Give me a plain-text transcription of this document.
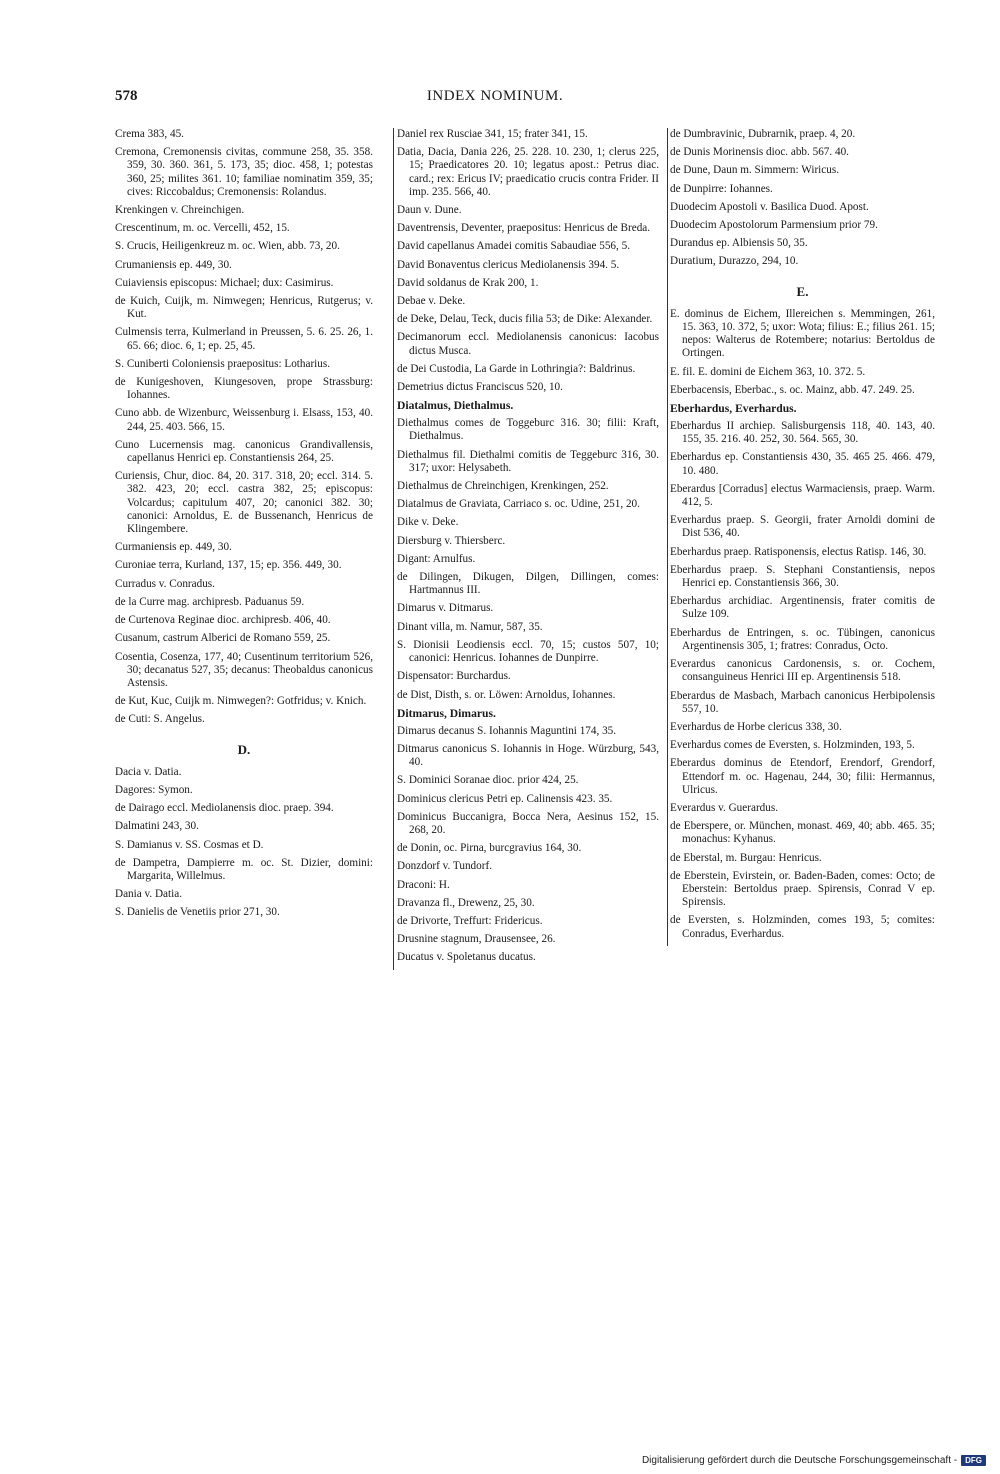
578	INDEX NOMINUM.
Crema 383, 45.
Cremona, Cremonensis civitas, commune 258, 35. 358. 359, 30. 360. 361, 5. 173, 35; dioc. 458, 1; potestas 360, 25; milites 361. 10; familiae nominatim 359, 35; cives: Riccobaldus; Cremonensis: Rolandus.
Krenkingen v. Chreinchigen.
Crescentinum, m. oc. Vercelli, 452, 15.
S. Crucis, Heiligenkreuz m. oc. Wien, abb. 73, 20.
Crumaniensis ep. 449, 30.
Cuiaviensis episcopus: Michael; dux: Casimirus.
de Kuich, Cuijk, m. Nimwegen; Henricus, Rutgerus; v. Kut.
Culmensis terra, Kulmerland in Preussen, 5. 6. 25. 26, 1. 65. 66; dioc. 6, 1; ep. 25, 45.
S. Cuniberti Coloniensis praepositus: Lotharius.
de Kunigeshoven, Kiungesoven, prope Strassburg: Iohannes.
Cuno abb. de Wizenburc, Weissenburg i. Elsass, 153, 40. 244, 25. 403. 566, 15.
Cuno Lucernensis mag. canonicus Grandivallensis, capellanus Henrici ep. Constantiensis 264, 25.
Curiensis, Chur, dioc. 84, 20. 317. 318, 20; eccl. 314. 5. 382. 423, 20; eccl. castra 382, 25; episcopus: Volcardus; capitulum 407, 20; canonici 382. 30; canonici: Arnoldus, E. de Bussenanch, Henricus de Klingembere.
Curmaniensis ep. 449, 30.
Curoniae terra, Kurland, 137, 15; ep. 356. 449, 30.
Curradus v. Conradus.
de la Curre mag. archipresb. Paduanus 59.
de Curtenova Reginae dioc. archipresb. 406, 40.
Cusanum, castrum Alberici de Romano 559, 25.
Cosentia, Cosenza, 177, 40; Cusentinum territorium 526, 30; decanatus 527, 35; decanus: Theobaldus canonicus Astensis.
de Kut, Kuc, Cuijk m. Nimwegen?: Gotfridus; v. Knich.
de Cuti: S. Angelus.
D.
Dacia v. Datia.
Dagores: Symon.
de Dairago eccl. Mediolanensis dioc. praep. 394.
Dalmatini 243, 30.
S. Damianus v. SS. Cosmas et D.
de Dampetra, Dampierre m. oc. St. Dizier, domini: Margarita, Willelmus.
Dania v. Datia.
S. Danielis de Venetiis prior 271, 30.
Daniel rex Rusciae 341, 15; frater 341, 15.
Datia, Dacia, Dania 226, 25. 228. 10. 230, 1; clerus 225, 15; Praedicatores 20. 10; legatus apost.: Petrus diac. card.; rex: Ericus IV; praedicatio crucis contra Frider. II imp. 235. 566, 40.
Daun v. Dune.
Daventrensis, Deventer, praepositus: Henricus de Breda.
David capellanus Amadei comitis Sabaudiae 556, 5.
David Bonaventus clericus Mediolanensis 394. 5.
David soldanus de Krak 200, 1.
Debae v. Deke.
de Deke, Delau, Teck, ducis filia 53; de Dike: Alexander.
Decimanorum eccl. Mediolanensis canonicus: Iacobus dictus Musca.
de Dei Custodia, La Garde in Lothringia?: Baldrinus.
Demetrius dictus Franciscus 520, 10.
Diatalmus, Diethalmus.
Diethalmus comes de Toggeburc 316. 30; filii: Kraft, Diethalmus.
Diethalmus fil. Diethalmi comitis de Teggeburc 316, 30. 317; uxor: Helysabeth.
Diethalmus de Chreinchigen, Krenkingen, 252.
Diatalmus de Graviata, Carriaco s. oc. Udine, 251, 20.
Dike v. Deke.
Diersburg v. Thiersberc.
Digant: Arnulfus.
de Dilingen, Dikugen, Dilgen, Dillingen, comes: Hartmannus III.
Dimarus v. Ditmarus.
Dinant villa, m. Namur, 587, 35.
S. Dionisii Leodiensis eccl. 70, 15; custos 507, 10; canonici: Henricus. Iohannes de Dunpirre.
Dispensator: Burchardus.
de Dist, Disth, s. or. Löwen: Arnoldus, Iohannes.
Ditmarus, Dimarus.
Dimarus decanus S. Iohannis Maguntini 174, 35.
Ditmarus canonicus S. Iohannis in Hoge. Würzburg, 543, 40.
S. Dominici Soranae dioc. prior 424, 25.
Dominicus clericus Petri ep. Calinensis 423. 35.
Dominicus Buccanigra, Bocca Nera, Aesinus 152, 15. 268, 20.
de Donin, oc. Pirna, burcgravius 164, 30.
Donzdorf v. Tundorf.
Draconi: H.
Dravanza fl., Drewenz, 25, 30.
de Drivorte, Treffurt: Fridericus.
Drusnine stagnum, Drausensee, 26.
Ducatus v. Spoletanus ducatus.
de Dumbravinic, Dubrarnik, praep. 4, 20.
de Dunis Morinensis dioc. abb. 567. 40.
de Dune, Daun m. Simmern: Wiricus.
de Dunpirre: Iohannes.
Duodecim Apostoli v. Basilica Duod. Apost.
Duodecim Apostolorum Parmensium prior 79.
Durandus ep. Albiensis 50, 35.
Duratium, Durazzo, 294, 10.
E.
E. dominus de Eichem, Illereichen s. Memmingen, 261, 15. 363, 10. 372, 5; uxor: Wota; filius: E.; filius 261. 15; nepos: Walterus de Rotembere; notarius: Bertoldus de Ortingen.
E. fil. E. domini de Eichem 363, 10. 372. 5.
Eberbacensis, Eberbac., s. oc. Mainz, abb. 47. 249. 25.
Eberhardus, Everhardus.
Eberhardus II archiep. Salisburgensis 118, 40. 143, 40. 155, 35. 216. 40. 252, 30. 564. 565, 30.
Eberhardus ep. Constantiensis 430, 35. 465 25. 466. 479, 10. 480.
Eberardus [Corradus] electus Warmaciensis, praep. Warm. 412, 5.
Everhardus praep. S. Georgii, frater Arnoldi domini de Dist 536, 40.
Eberhardus praep. Ratisponensis, electus Ratisp. 146, 30.
Eberhardus praep. S. Stephani Constantiensis, nepos Henrici ep. Constantiensis 366, 30.
Eberhardus archidiac. Argentinensis, frater comitis de Sulze 109.
Eberhardus de Entringen, s. oc. Tübingen, canonicus Argentinensis 305, 1; fratres: Conradus, Octo.
Everardus canonicus Cardonensis, s. or. Cochem, consanguineus Henrici III ep. Argentinensis 518.
Eberardus de Masbach, Marbach canonicus Herbipolensis 557, 10.
Everhardus de Horbe clericus 338, 30.
Everhardus comes de Eversten, s. Holzminden, 193, 5.
Eberardus dominus de Etendorf, Erendorf, Grendorf, Ettendorf m. oc. Hagenau, 244, 30; filii: Hermannus, Ulricus.
Everardus v. Guerardus.
de Eberspere, or. München, monast. 469, 40; abb. 465. 35; monachus: Kyhanus.
de Eberstal, m. Burgau: Henricus.
de Eberstein, Evirstein, or. Baden-Baden, comes: Octo; de Eberstein: Bertoldus praep. Spirensis, Conrad V ep. Spirensis.
de Eversten, s. Holzminden, comes 193, 5; comites: Conradus, Everhardus.
Digitalisierung gefördert durch die Deutsche Forschungsgemeinschaft -	DFG
